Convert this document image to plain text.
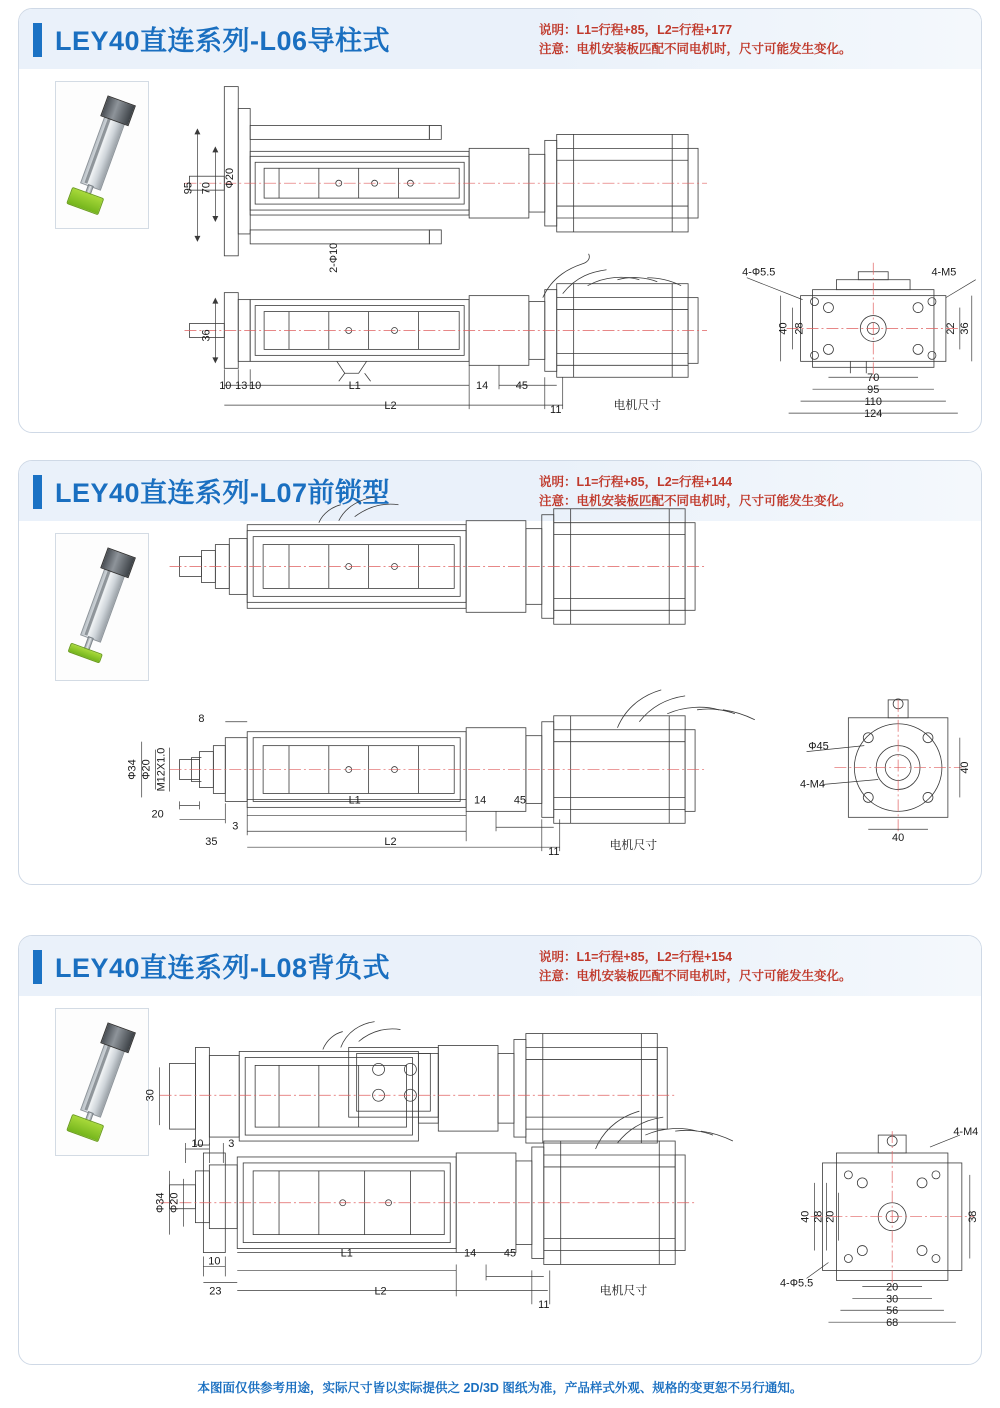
LEY40直连系列-L06导柱式	说明：L1=行程+85，L2=行程+177
注意：电机安装板匹配不同电机时，尺寸可能发生变化。
95 70 Ф20
2-Ф10
36
10 13 10	L1	14	45
L2	11	电机尺寸
4-Ф5.5	4-M5
40 28	22 36
70
95
110
124
LEY40直连系列-L07前锁型	说明：L1=行程+85，L2=行程+144
注意：电机安装板匹配不同电机时，尺寸可能发生变化。
Ф34 Ф20 M12X1.0
8
20
3
35
L1	14	45
L2
11	电机尺寸
Ф45
4-M4
40
40
LEY40直连系列-L08背负式	说明：L1=行程+85，L2=行程+154
注意：电机安装板匹配不同电机时，尺寸可能发生变化。
30
10 3
Ф34 Ф20
10
23
L1	14	45
L2
11
电机尺寸
4-M4
40 28 20	38
4-Ф5.5	20
30
56
68
本图面仅供参考用途，实际尺寸皆以实际提供之 2D/3D 图纸为准，产品样式外观、规格的变更恕不另行通知。
